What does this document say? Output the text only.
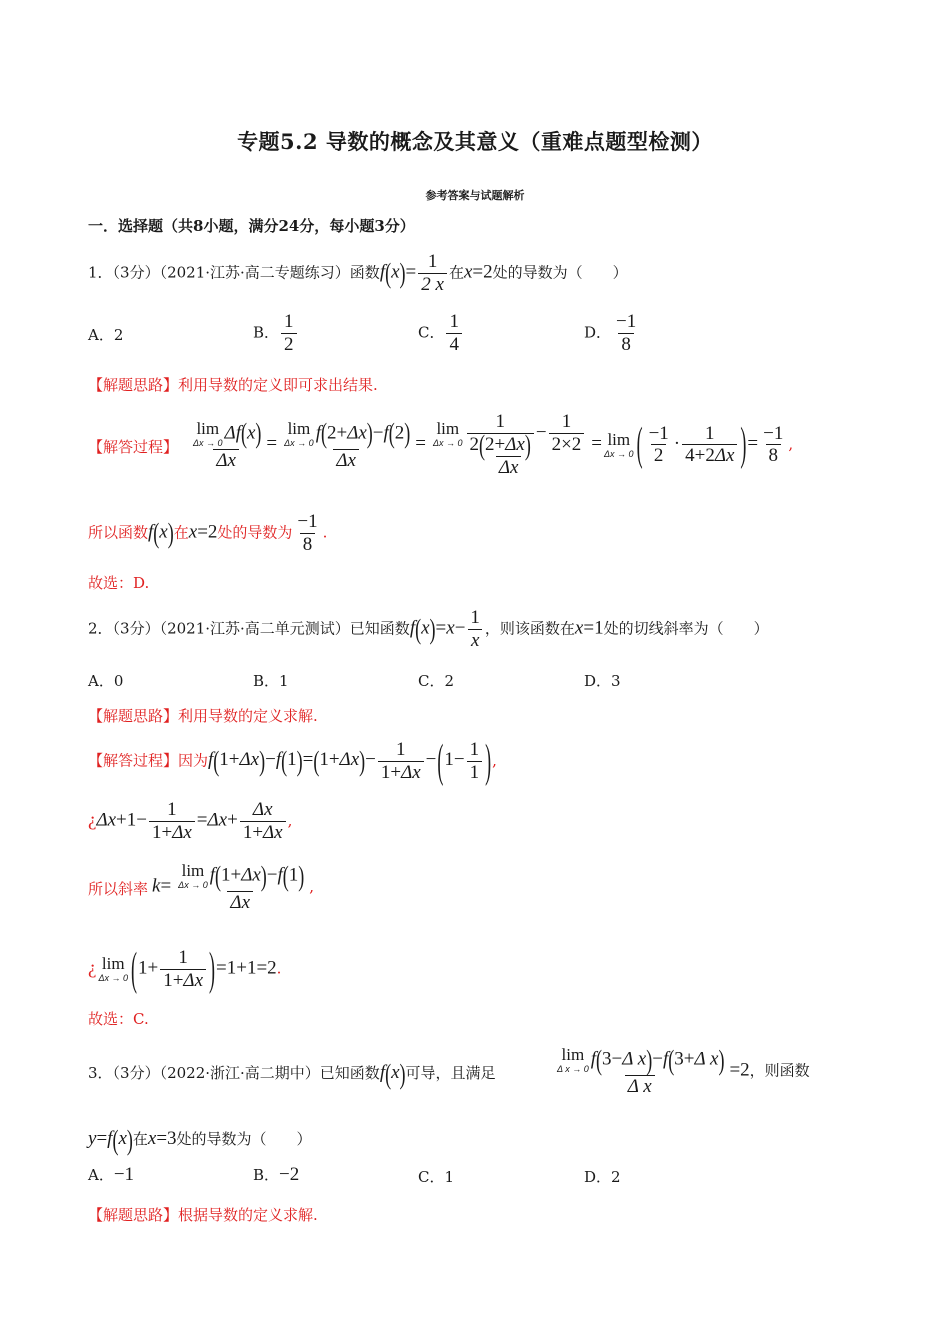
专题5.2 导数的概念及其意义（重难点题型检测）
参考答案与试题解析
一．选择题（共8小题，满分24分，每小题3分）
1．（3分）（2021·江苏·高二专题练习）函数$f(x)= \frac{1}{2 x}$ 在x=2处的导数为（　　）
A．2	B． $\frac{1}{2}$	C． $\frac{1}{4}$	D． $\frac{-1}{8}$
【解题思路】利用导数的定义即可求出结果.
【解答过程】 lim
Δx → 0 Δf(x)
Δx = lim
Δx → 0 f(2+Δx)−f(2)
Δx = lim
$\Delta x \to 0 \frac{1}{2(2+\Delta x)} - \frac{1}{2\times 2}$
Δx = lim
Δx → 0 ( $\frac{-1}{2} \cdot \frac{1}{4+2\Delta x}$ )= $\frac{-1}{8}$ ,
所以函数f(x)在x=2处的导数为 $\frac{-1}{8}$ .
故选：D.
2．（3分）（2021·江苏·高二单元测试）已知函数$f(x)=x- \frac{1}{x}$ ，则该函数在x=1处的切线斜率为（　　）
A．0	B．1	C．2	D．3
【解题思路】利用导数的定义求解.
【解答过程】因为$f(1+\Delta x)-f(1)=(1+\Delta x)- \frac{1}{1+\Delta x} -(1- \frac{1}{1}$ ),
¿$\Delta x+1- \frac{1}{1+\Delta x} =\Delta x+ \frac{\Delta x}{1+\Delta x}$ ,
所以斜率 k= lim
Δx → 0 f(1+Δx)−f(1)
Δx ,
¿ lim
Δx → 0 $(1+ \frac{1}{1+\Delta x} )=1+1=2$.
故选：C.
3．（3分）（2022·浙江·高二期中）已知函数f(x)可导，且满足	lim
Δ x → 0 f(3−Δ x)−f(3+Δ x)
Δ x =2，则函数
y=f(x)在x=3处的导数为（　　）
A．−1	B．−2	C．1	D．2
【解题思路】根据导数的定义求解.
